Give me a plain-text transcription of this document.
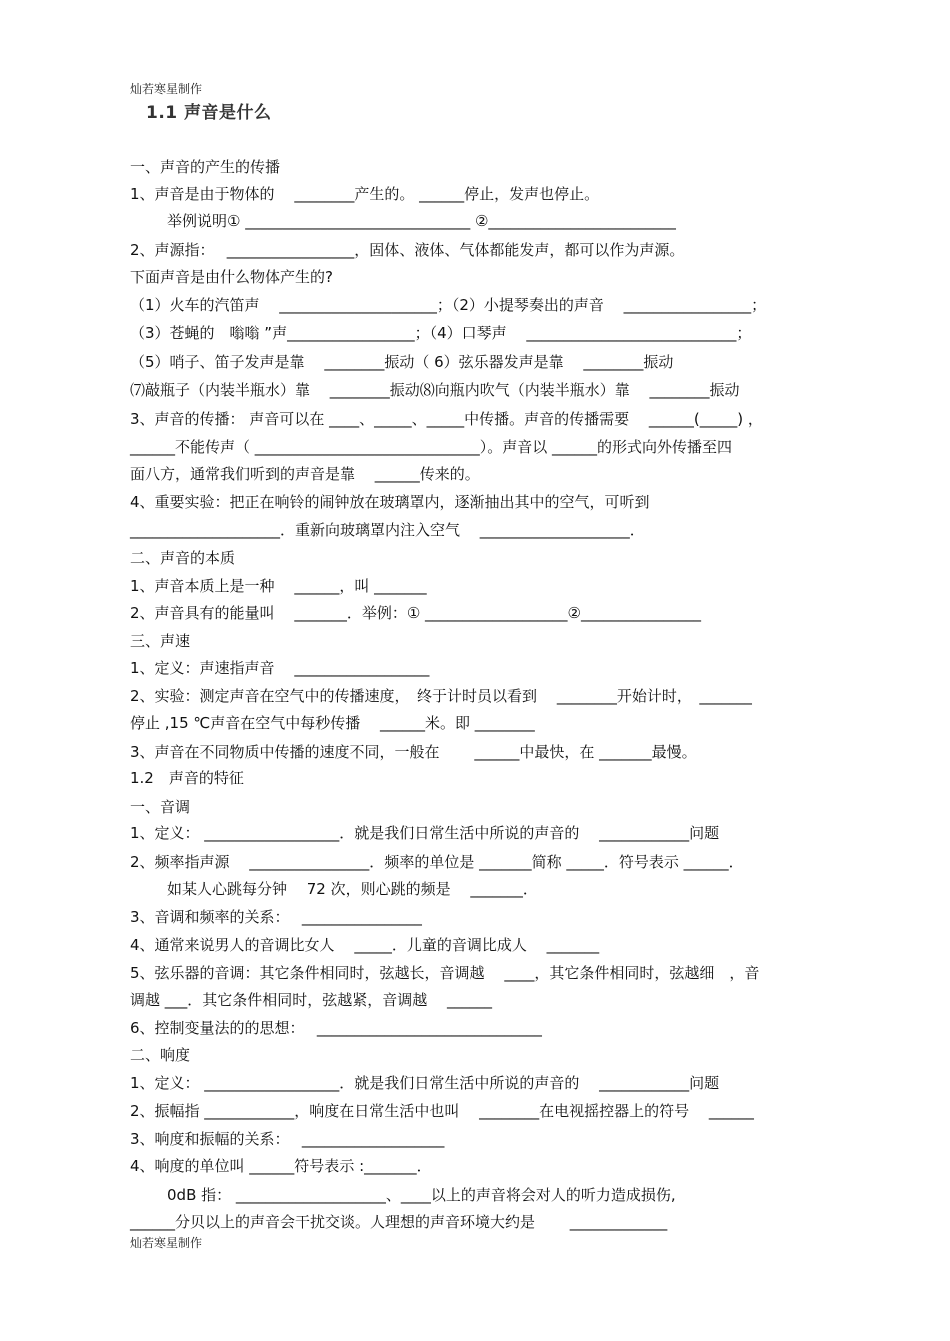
灿若寒星制作
1.1 声音是什么
一、声音的产生的传播
1、声音是由于物体的　 ________产生的。 ______停止，发声也停止。
举例说明① ______________________________ ②_________________________
2、声源指：　 _________________，固体、液体、气体都能发声，都可以作为声源。
下面声音是由什么物体产生的?
（1）火车的汽笛声　 _____________________；（2）小提琴奏出的声音　 _________________；
（3）苍蝇的　嗡嗡 ”声_________________；（4）口琴声　 ____________________________；
（5）哨子、笛子发声是靠　 ________振动（ 6）弦乐器发声是靠　 ________振动
⑺敲瓶子（内装半瓶水）靠　 ________振动⑻向瓶内吹气（内装半瓶水）靠　 ________振动
3、声音的传播： 声音可以在 ____、_____、_____中传播。声音的传播需要　 ______(_____) ，
______不能传声（ ______________________________）。声音以 ______的形式向外传播至四
面八方，通常我们听到的声音是靠　 ______传来的。
4、重要实验：把正在响铃的闹钟放在玻璃罩内，逐渐抽出其中的空气，可听到
____________________．重新向玻璃罩内注入空气　 ____________________．
二、声音的本质
1、声音本质上是一种　 ______，叫 _______
2、声音具有的能量叫　 _______．举例：① ___________________②________________
三、声速
1、定义：声速指声音　 __________________
2、实验：测定声音在空气中的传播速度，　终于计时员以看到　 ________开始计时，　_______
停止 ,15 ℃声音在空气中每秒传播　 ______米。即 ________
3、声音在不同物质中传播的速度不同，一般在　　 ______中最快，在 _______最慢。
1.2　声音的特征
一、音调
1、定义： __________________．就是我们日常生活中所说的声音的　 ____________问题
2、频率指声源　 ________________．频率的单位是 _______简称 _____．符号表示 ______．
如某人心跳每分钟　 72 次，则心跳的频是　 _______．
3、音调和频率的关系：　 ________________
4、通常来说男人的音调比女人　 _____．儿童的音调比成人　 _______
5、弦乐器的音调：其它条件相同时，弦越长，音调越　 ____，其它条件相同时，弦越细　，音
调越 ___．其它条件相同时，弦越紧，音调越　 ______
6、控制变量法的的思想：　 ______________________________
二、响度
1、定义： __________________．就是我们日常生活中所说的声音的　 ____________问题
2、振幅指 ____________，响度在日常生活中也叫　 ________在电视摇控器上的符号　 ______
3、响度和振幅的关系：　 ___________________
4、响度的单位叫 ______符号表示 :_______．
0dB 指： ____________________、____以上的声音将会对人的听力造成损伤,
______分贝以上的声音会干扰交谈。人理想的声音环境大约是　　 _____________
灿若寒星制作
